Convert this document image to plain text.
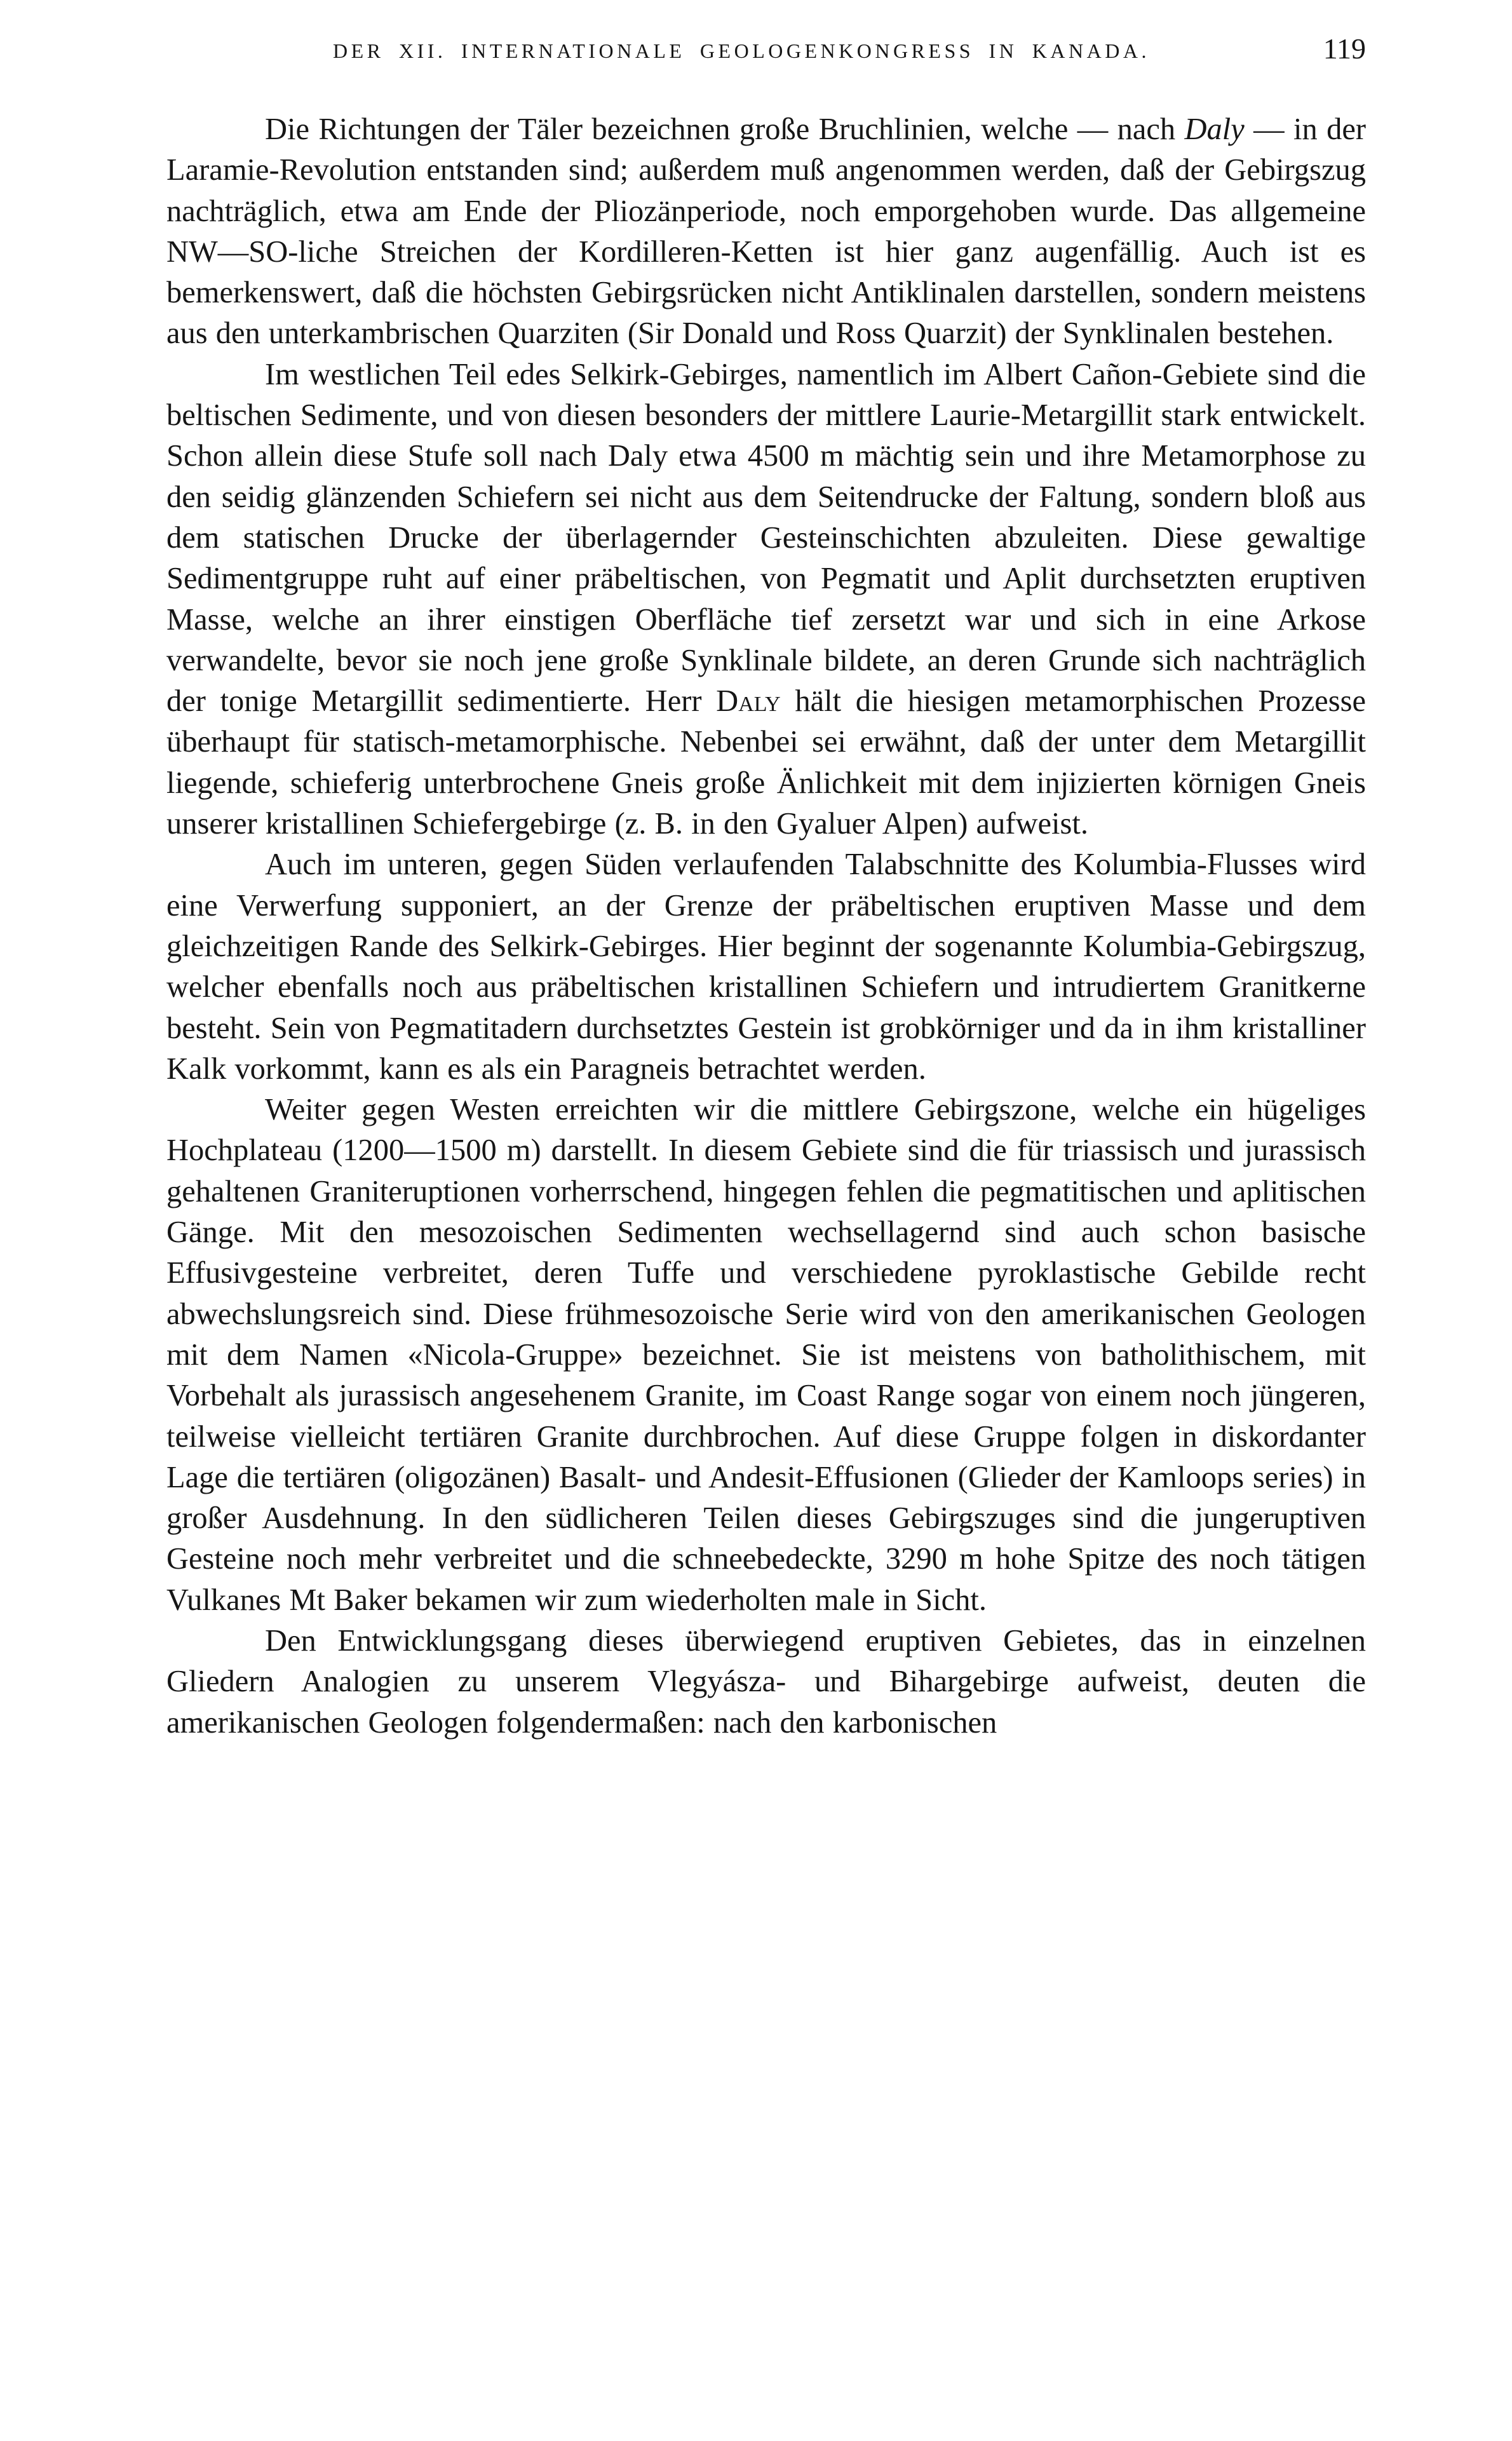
DER XII. INTERNATIONALE GEOLOGENKONGRESS IN KANADA.	119

Die Richtungen der Täler bezeichnen große Bruchlinien, welche — nach Daly — in der Laramie-Revolution entstanden sind; außerdem muß angenommen werden, daß der Gebirgszug nachträglich, etwa am Ende der Pliozänperiode, noch emporgehoben wurde. Das allgemeine NW—SO-liche Streichen der Kordilleren-Ketten ist hier ganz augenfällig. Auch ist es bemerkenswert, daß die höchsten Gebirgsrücken nicht Antiklinalen darstellen, sondern meistens aus den unterkambrischen Quarziten (Sir Donald und Ross Quarzit) der Synklinalen bestehen.

Im westlichen Teil edes Selkirk-Gebirges, namentlich im Albert Cañon-Gebiete sind die beltischen Sedimente, und von diesen besonders der mittlere Laurie-Metargillit stark entwickelt. Schon allein diese Stufe soll nach Daly etwa 4500 m mächtig sein und ihre Metamorphose zu den seidig glänzenden Schiefern sei nicht aus dem Seitendrucke der Faltung, sondern bloß aus dem statischen Drucke der überlagernder Gesteinschichten abzuleiten. Diese gewaltige Sedimentgruppe ruht auf einer präbeltischen, von Pegmatit und Aplit durchsetzten eruptiven Masse, welche an ihrer einstigen Oberfläche tief zersetzt war und sich in eine Arkose verwandelte, bevor sie noch jene große Synklinale bildete, an deren Grunde sich nachträglich der tonige Metargillit sedimentierte. Herr Daly hält die hiesigen metamorphischen Prozesse überhaupt für statisch-metamorphische. Nebenbei sei erwähnt, daß der unter dem Metargillit liegende, schieferig unterbrochene Gneis große Änlichkeit mit dem injizierten körnigen Gneis unserer kristallinen Schiefergebirge (z. B. in den Gyaluer Alpen) aufweist.

Auch im unteren, gegen Süden verlaufenden Talabschnitte des Kolumbia-Flusses wird eine Verwerfung supponiert, an der Grenze der präbeltischen eruptiven Masse und dem gleichzeitigen Rande des Selkirk-Gebirges. Hier beginnt der sogenannte Kolumbia-Gebirgszug, welcher ebenfalls noch aus präbeltischen kristallinen Schiefern und intrudiertem Granitkerne besteht. Sein von Pegmatitadern durchsetztes Gestein ist grobkörniger und da in ihm kristalliner Kalk vorkommt, kann es als ein Paragneis betrachtet werden.

Weiter gegen Westen erreichten wir die mittlere Gebirgszone, welche ein hügeliges Hochplateau (1200—1500 m) darstellt. In diesem Gebiete sind die für triassisch und jurassisch gehaltenen Graniteruptionen vorherrschend, hingegen fehlen die pegmatitischen und aplitischen Gänge. Mit den mesozoischen Sedimenten wechsellagernd sind auch schon basische Effusivgesteine verbreitet, deren Tuffe und verschiedene pyroklastische Gebilde recht abwechslungsreich sind. Diese frühmesozoische Serie wird von den amerikanischen Geologen mit dem Namen «Nicola-Gruppe» bezeichnet. Sie ist meistens von batholithischem, mit Vorbehalt als jurassisch angesehenem Granite, im Coast Range sogar von einem noch jüngeren, teilweise vielleicht tertiären Granite durchbrochen. Auf diese Gruppe folgen in diskordanter Lage die tertiären (oligozänen) Basalt- und Andesit-Effusionen (Glieder der Kamloops series) in großer Ausdehnung. In den südlicheren Teilen dieses Gebirgszuges sind die jungeruptiven Gesteine noch mehr verbreitet und die schneebedeckte, 3290 m hohe Spitze des noch tätigen Vulkanes Mt Baker bekamen wir zum wiederholten male in Sicht.

Den Entwicklungsgang dieses überwiegend eruptiven Gebietes, das in einzelnen Gliedern Analogien zu unserem Vlegyásza- und Bihargebirge aufweist, deuten die amerikanischen Geologen folgendermaßen: nach den karbonischen
